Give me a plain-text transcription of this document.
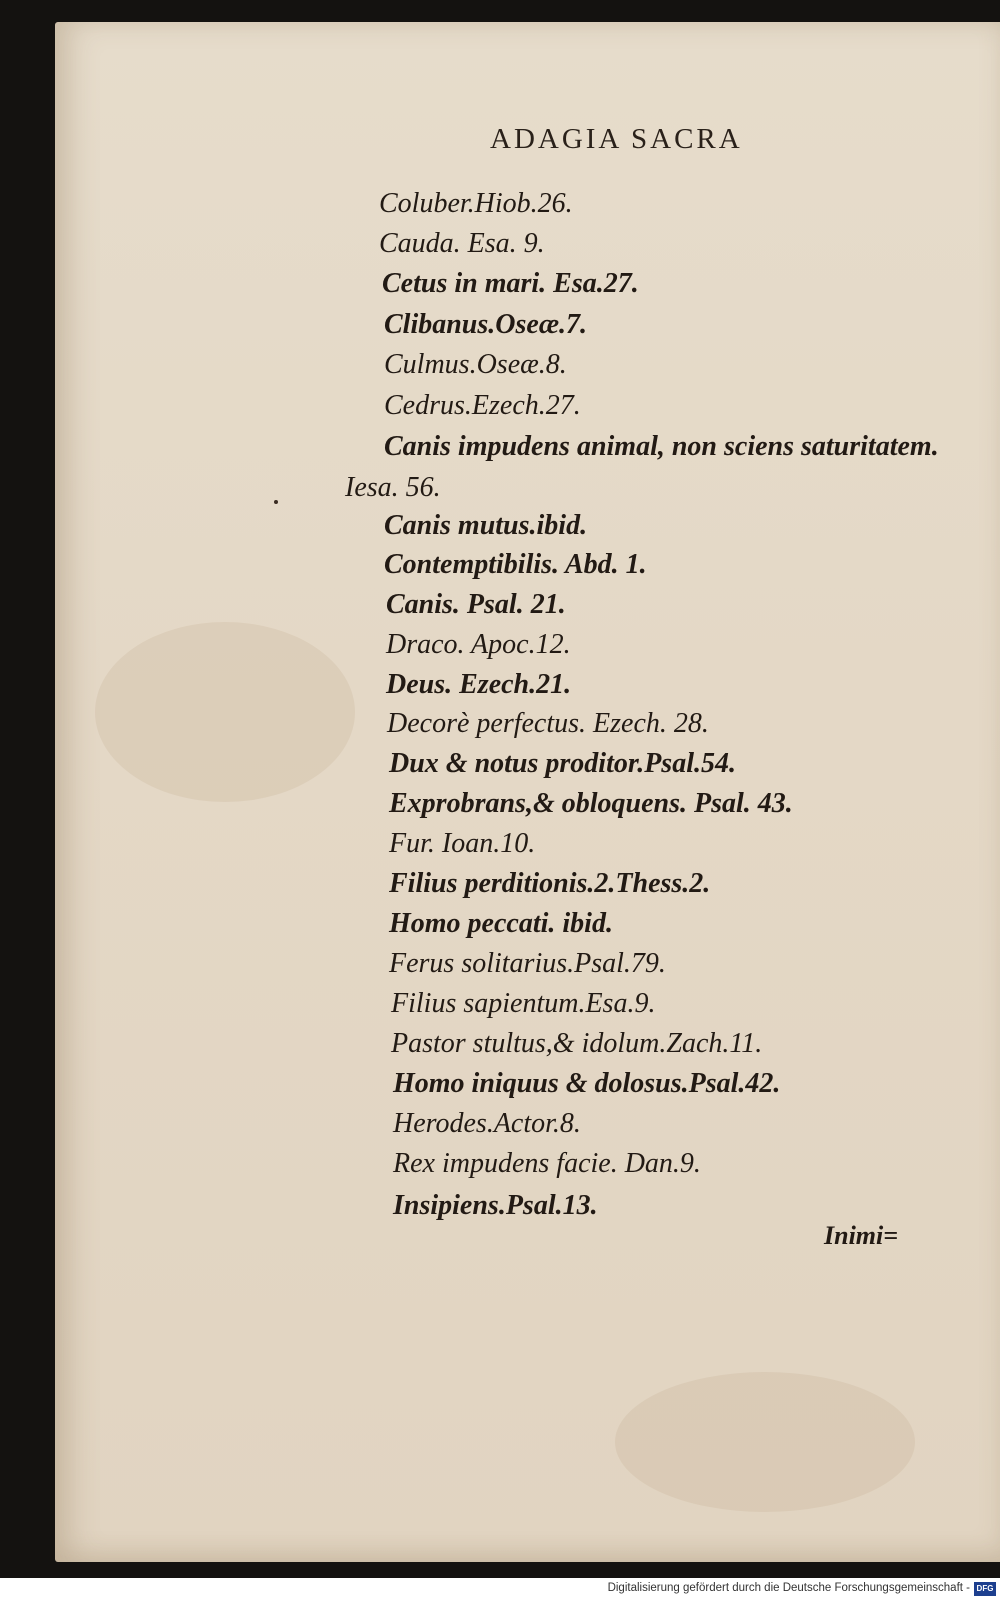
ADAGIA SACRA
Coluber.Hiob.26.
Cauda. Esa. 9.
Cetus in mari. Esa.27.
Clibanus.Oseæ.7.
Culmus.Oseæ.8.
Cedrus.Ezech.27.
Canis impudens animal, non sciens saturitatem.
Iesa. 56.
Canis mutus.ibid.
Contemptibilis. Abd. 1.
Canis. Psal. 21.
Draco. Apoc.12.
Deus. Ezech.21.
Decorè perfectus. Ezech. 28.
Dux & notus proditor.Psal.54.
Exprobrans,& obloquens. Psal. 43.
Fur. Ioan.10.
Filius perditionis.2.Thess.2.
Homo peccati. ibid.
Ferus solitarius.Psal.79.
Filius sapientum.Esa.9.
Pastor stultus,& idolum.Zach.11.
Homo iniquus & dolosus.Psal.42.
Herodes.Actor.8.
Rex impudens facie. Dan.9.
Insipiens.Psal.13.
Inimi=
Digitalisierung gefördert durch die Deutsche Forschungsgemeinschaft - DFG
